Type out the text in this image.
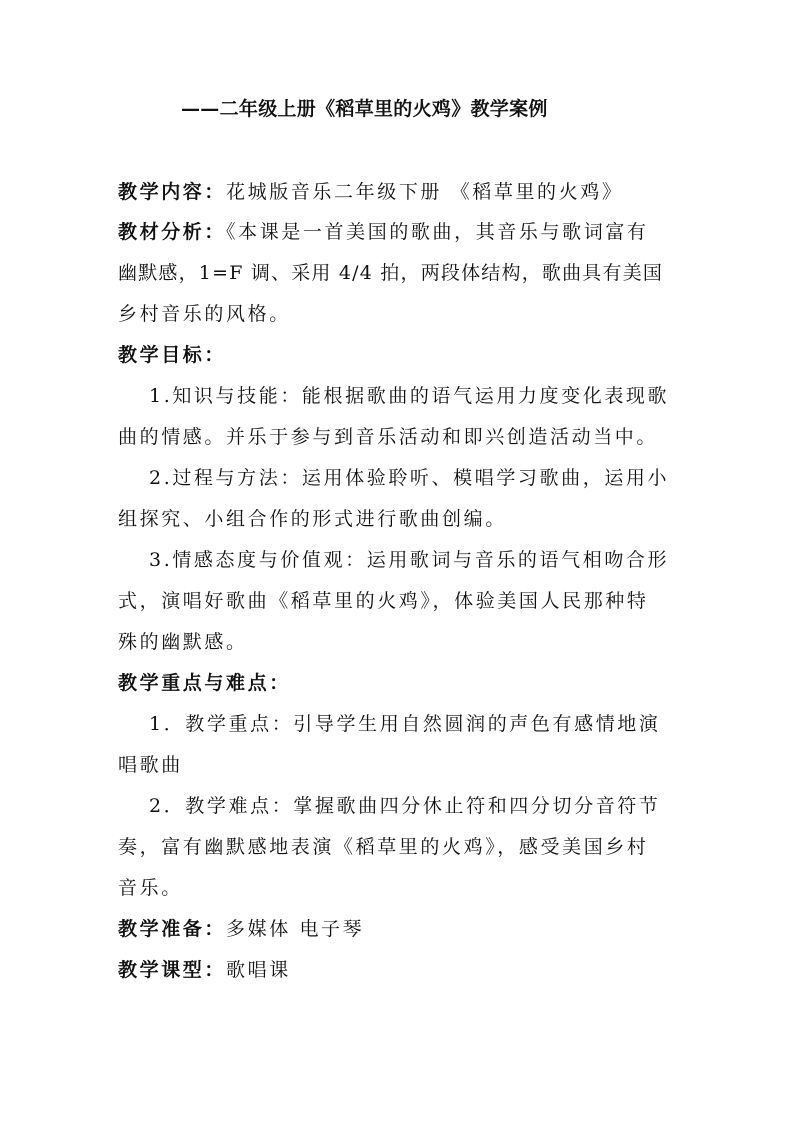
——二年级上册《稻草里的火鸡》教学案例
教学内容：花城版音乐二年级下册 《稻草里的火鸡》
教材分析：《本课是一首美国的歌曲，其音乐与歌词富有
幽默感，1=F 调、采用 4/4 拍，两段体结构，歌曲具有美国
乡村音乐的风格。
教学目标：
1.知识与技能：能根据歌曲的语气运用力度变化表现歌
曲的情感。并乐于参与到音乐活动和即兴创造活动当中。
2.过程与方法：运用体验聆听、模唱学习歌曲，运用小
组探究、小组合作的形式进行歌曲创编。
3.情感态度与价值观：运用歌词与音乐的语气相吻合形
式，演唱好歌曲《稻草里的火鸡》，体验美国人民那种特
殊的幽默感。
教学重点与难点：
1．教学重点：引导学生用自然圆润的声色有感情地演
唱歌曲
2．教学难点：掌握歌曲四分休止符和四分切分音符节
奏，富有幽默感地表演《稻草里的火鸡》，感受美国乡村
音乐。
教学准备：多媒体 电子琴
教学课型：歌唱课
